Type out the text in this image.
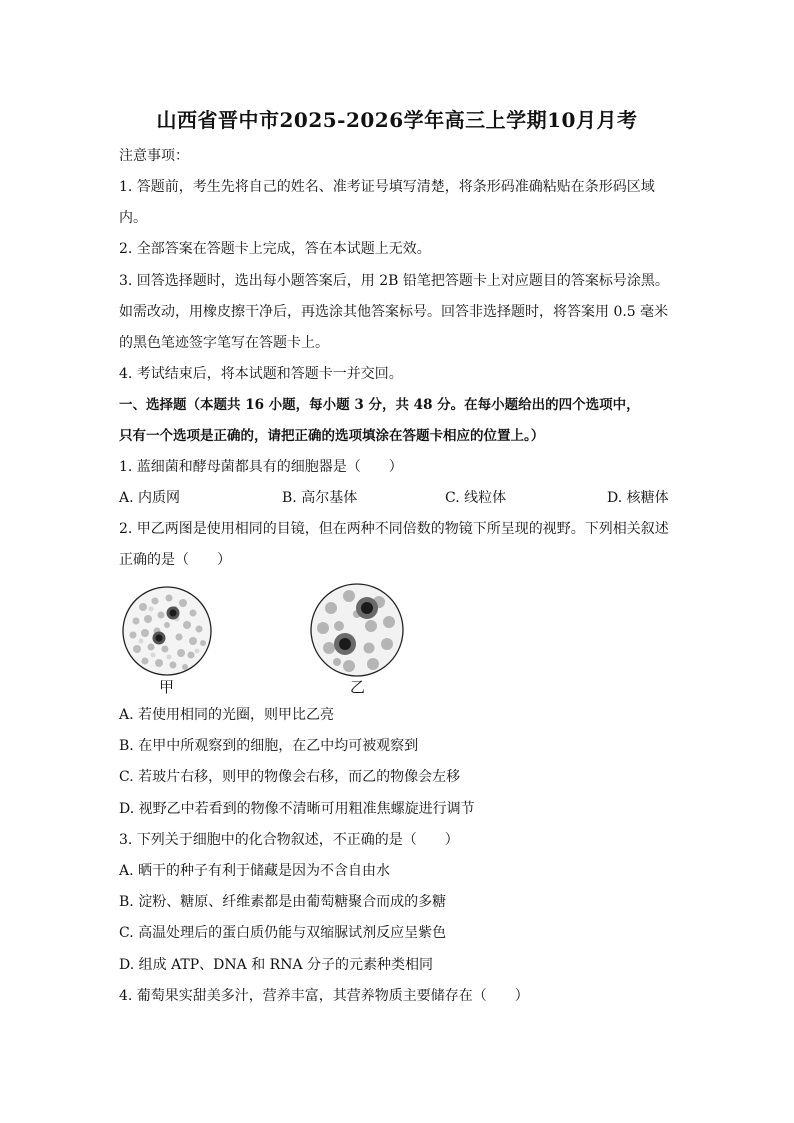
山西省晋中市2025-2026学年高三上学期10月月考
注意事项：
1. 答题前，考生先将自己的姓名、准考证号填写清楚，将条形码准确粘贴在条形码区域
内。
2. 全部答案在答题卡上完成，答在本试题上无效。
3. 回答选择题时，选出每小题答案后，用 2B 铅笔把答题卡上对应题目的答案标号涂黑。
如需改动，用橡皮擦干净后，再选涂其他答案标号。回答非选择题时，将答案用 0.5 毫米
的黑色笔迹签字笔写在答题卡上。
4. 考试结束后，将本试题和答题卡一并交回。
一、选择题（本题共 16 小题，每小题 3 分，共 48 分。在每小题给出的四个选项中，
只有一个选项是正确的，请把正确的选项填涂在答题卡相应的位置上。）
1. 蓝细菌和酵母菌都具有的细胞器是（　　）
A. 内质网	B. 高尔基体	C. 线粒体	D. 核糖体
2. 甲乙两图是使用相同的目镜，但在两种不同倍数的物镜下所呈现的视野。下列相关叙述
正确的是（　　）
甲	乙
A. 若使用相同的光圈，则甲比乙亮
B. 在甲中所观察到的细胞，在乙中均可被观察到
C. 若玻片右移，则甲的物像会右移，而乙的物像会左移
D. 视野乙中若看到的物像不清晰可用粗准焦螺旋进行调节
3. 下列关于细胞中的化合物叙述，不正确的是（　　）
A. 晒干的种子有利于储藏是因为不含自由水
B. 淀粉、糖原、纤维素都是由葡萄糖聚合而成的多糖
C. 高温处理后的蛋白质仍能与双缩脲试剂反应呈紫色
D. 组成 ATP、DNA 和 RNA 分子的元素种类相同
4. 葡萄果实甜美多汁，营养丰富，其营养物质主要储存在（　　）
